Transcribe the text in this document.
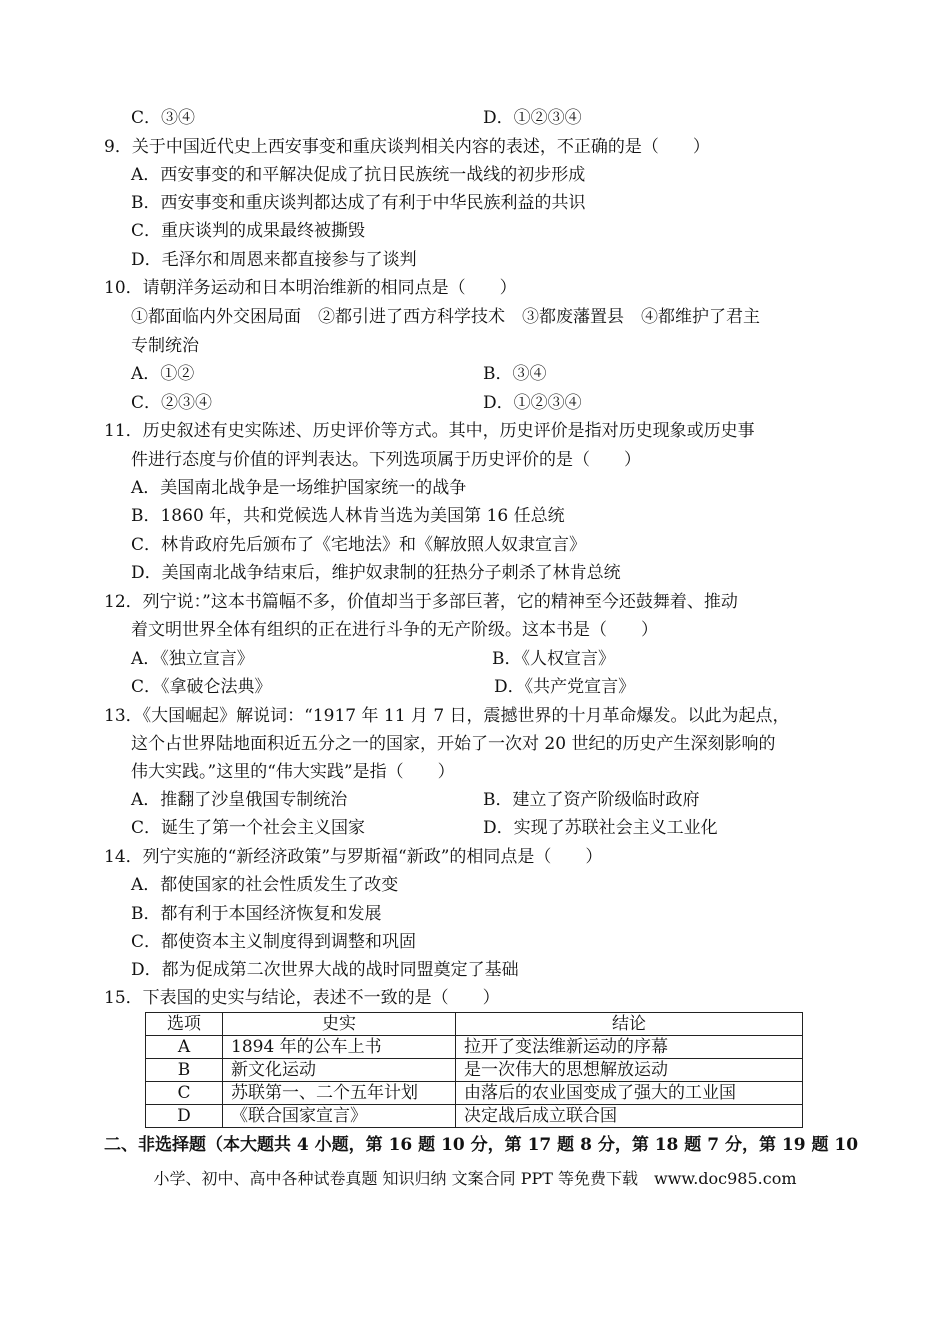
C．③④	D．①②③④
9．关于中国近代史上西安事变和重庆谈判相关内容的表述，不正确的是（　　）
A．西安事变的和平解决促成了抗日民族统一战线的初步形成
B．西安事变和重庆谈判都达成了有利于中华民族利益的共识
C．重庆谈判的成果最终被撕毁
D．毛泽尔和周恩来都直接参与了谈判
10．请朝洋务运动和日本明治维新的相同点是（　　）
①都面临内外交困局面　②都引进了西方科学技术　③都废藩置县　④都维护了君主
专制统治
A．①②	B．③④
C．②③④	D．①②③④
11．历史叙述有史实陈述、历史评价等方式。其中，历史评价是指对历史现象或历史事
件进行态度与价值的评判表达。下列选项属于历史评价的是（　　）
A．美国南北战争是一场维护国家统一的战争
B．1860 年，共和党候选人林肯当选为美国第 16 任总统
C．林肯政府先后颁布了《宅地法》和《解放照人奴隶宣言》
D．美国南北战争结束后，维护奴隶制的狂热分子刺杀了林肯总统
12．列宁说：”这本书篇幅不多，价值却当于多部巨著，它的精神至今还鼓舞着、推动
着文明世界全体有组织的正在进行斗争的无产阶级。这本书是（　　）
A．《独立宣言》	B．《人权宣言》
C．《拿破仑法典》	D．《共产党宣言》
13．《大国崛起》解说词：“1917 年 11 月 7 日，震撼世界的十月革命爆发。以此为起点，
这个占世界陆地面积近五分之一的国家，开始了一次对 20 世纪的历史产生深刻影响的
伟大实践。”这里的“伟大实践”是指（　　）
A．推翻了沙皇俄国专制统治	B．建立了资产阶级临时政府
C．诞生了第一个社会主义国家	D．实现了苏联社会主义工业化
14．列宁实施的“新经济政策”与罗斯福“新政”的相同点是（　　）
A．都使国家的社会性质发生了改变
B．都有利于本国经济恢复和发展
C．都使资本主义制度得到调整和巩固
D．都为促成第二次世界大战的战时同盟奠定了基础
15．下表国的史实与结论，表述不一致的是（　　）
选项	史实	结论
A	1894 年的公车上书	拉开了变法维新运动的序幕
B	新文化运动	是一次伟大的思想解放运动
C	苏联第一、二个五年计划	由落后的农业国变成了强大的工业国
D	《联合国家宣言》	决定战后成立联合国
二、非选择题（本大题共 4 小题，第 16 题 10 分，第 17 题 8 分，第 18 题 7 分，第 19 题 10
小学、初中、高中各种试卷真题 知识归纳 文案合同 PPT 等免费下载　www.doc985.com
